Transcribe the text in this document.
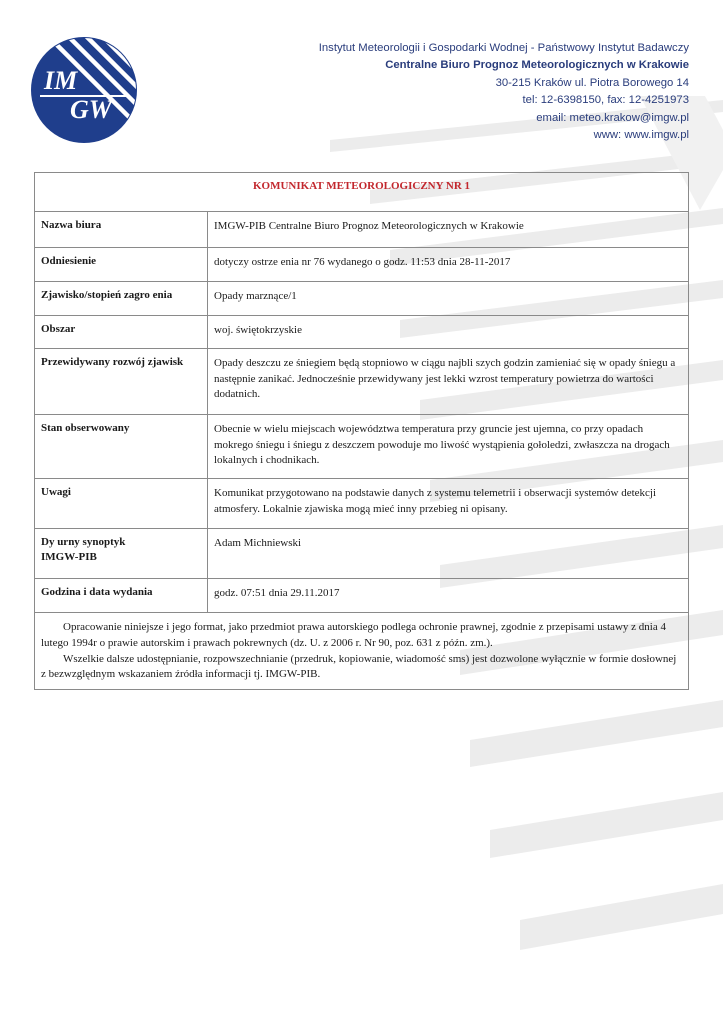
IM
GW
Instytut Meteorologii i Gospodarki Wodnej - Państwowy Instytut Badawczy
Centralne Biuro Prognoz Meteorologicznych w Krakowie
30-215 Kraków ul. Piotra Borowego 14
tel: 12-6398150, fax: 12-4251973
email: meteo.krakow@imgw.pl
www: www.imgw.pl
KOMUNIKAT METEOROLOGICZNY NR 1	
Nazwa biura	IMGW-PIB Centralne Biuro Prognoz Meteorologicznych w Krakowie
Odniesienie	dotyczy ostrze enia nr 76 wydanego o godz. 11:53 dnia 28-11-2017
Zjawisko/stopień zagro enia	Opady marznące/1
Obszar	woj. świętokrzyskie
Przewidywany rozwój zjawisk	Opady deszczu ze śniegiem będą stopniowo w ciągu najbli szych godzin zamieniać się w opady śniegu a następnie zanikać. Jednocześnie przewidywany jest lekki wzrost temperatury powietrza do wartości dodatnich.
Stan obserwowany	Obecnie w wielu miejscach województwa temperatura przy gruncie jest ujemna, co przy opadach mokrego śniegu i śniegu z deszczem powoduje mo liwość wystąpienia gołoledzi, zwłaszcza na drogach lokalnych i chodnikach.
Uwagi	Komunikat przygotowano na podstawie danych z systemu telemetrii i obserwacji systemów detekcji atmosfery. Lokalnie zjawiska mogą mieć inny przebieg ni opisany.

Dy urny synoptyk
IMGW-PIB	Adam Michniewski
Godzina i data wydania	godz. 07:51 dnia 29.11.2017

Opracowanie niniejsze i jego format, jako przedmiot prawa autorskiego podlega ochronie prawnej, zgodnie z przepisami ustawy z dnia 4 lutego 1994r o prawie autorskim i prawach pokrewnych (dz. U. z 2006 r. Nr 90, poz. 631 z późn. zm.).
Wszelkie dalsze udostępnianie, rozpowszechnianie (przedruk, kopiowanie, wiadomość sms) jest dozwolone wyłącznie w formie dosłownej z bezwzględnym wskazaniem źródła informacji tj. IMGW-PIB.	
